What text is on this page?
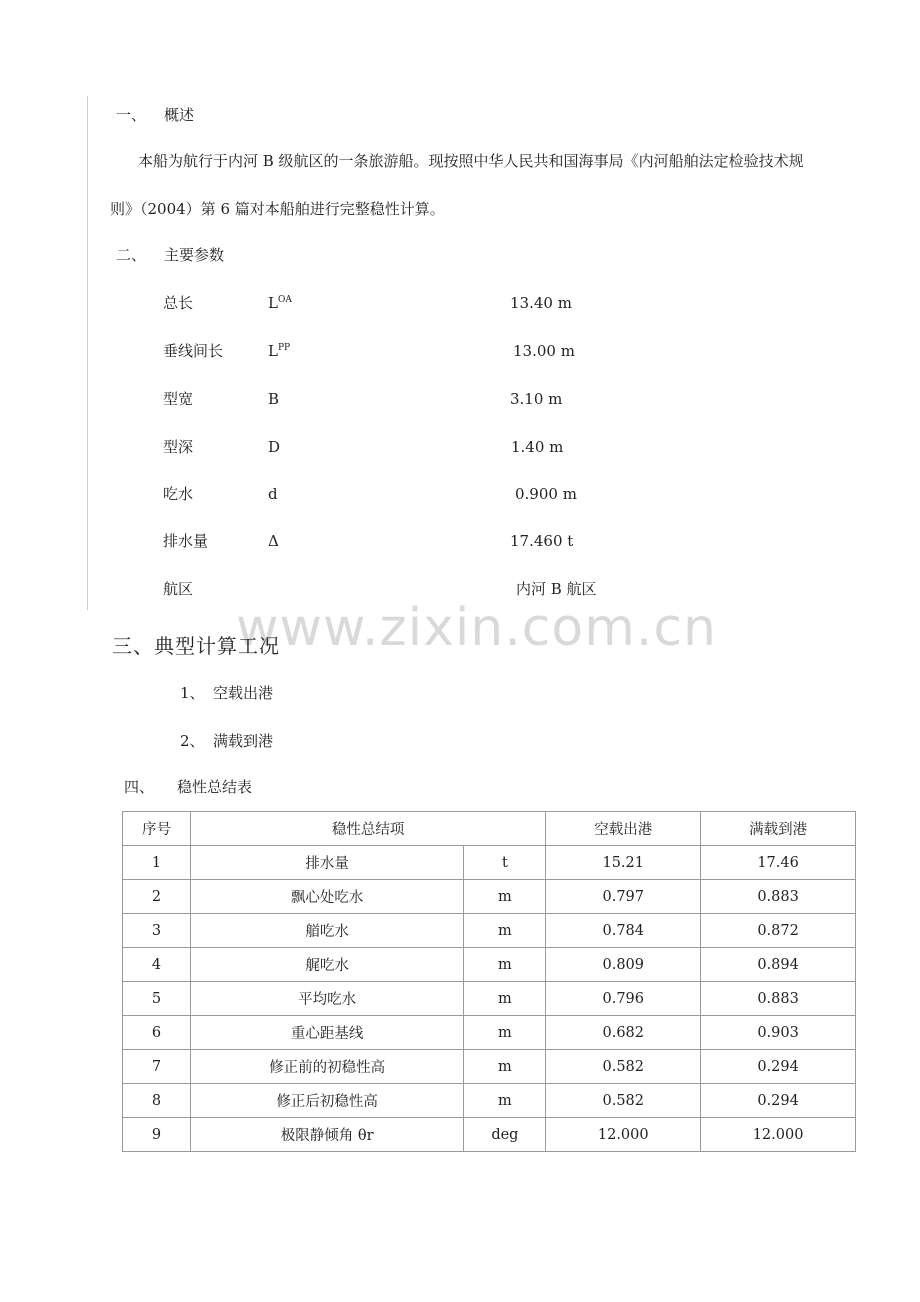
一、 概述
本船为航行于内河 B 级航区的一条旅游船。现按照中华人民共和国海事局《内河船舶法定检验技术规
则》（2004）第 6 篇对本船舶进行完整稳性计算。
二、 主要参数
总长	L OA	13.40 m
垂线间长	L PP	13.00 m
型宽	B	3.10 m
型深	D	1.40 m
吃水	d	0.900 m
排水量	Δ	17.460 t
航区	内河 B 航区
www.zixin.com.cn
三、典型计算工况
1、 空载出港
2、 满载到港
四、 稳性总结表
序号	稳性总结项		空载出港	满载到港
1	排水量	t	15.21	17.46
2	飘心处吃水	m	0.797	0.883
3	艏吃水	m	0.784	0.872
4	艉吃水	m	0.809	0.894
5	平均吃水	m	0.796	0.883
6	重心距基线	m	0.682	0.903
7	修正前的初稳性高	m	0.582	0.294
8	修正后初稳性高	m	0.582	0.294
9	极限静倾角 θr	deg	12.000	12.000
